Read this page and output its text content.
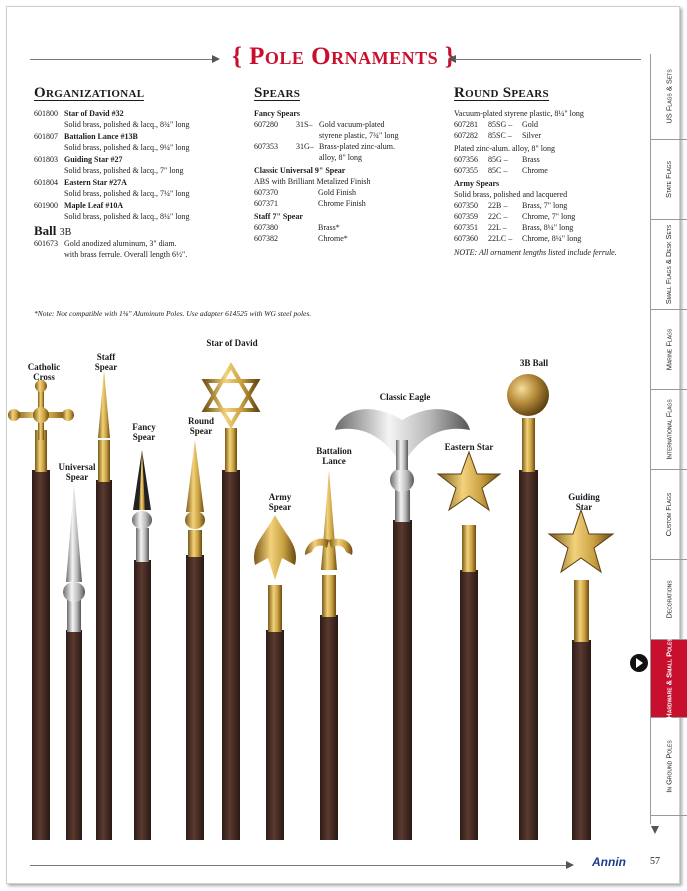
{ Pole Ornaments }
Organizational
601800 Star of David #32
Solid brass, polished & lacq., 8¾" long
601807 Battalion Lance #13B
Solid brass, polished & lacq., 9¼" long
601803 Guiding Star #27
Solid brass, polished & lacq., 7" long
601804 Eastern Star #27A
Solid brass, polished & lacq., 7¼" long
601900 Maple Leaf #10A
Solid brass, polished & lacq., 8¼" long
Ball 3B
601673 Gold anodized aluminum, 3" diam.
with brass ferrule. Overall length 6½".
Spears
Fancy Spears
607280	31S– Gold vacuum-plated
styrene plastic, 7¾" long
607353	31G– Brass-plated zinc-alum.
alloy, 8" long
Classic Universal 9" Spear
ABS with Brilliant Metalized Finish
607370	Gold Finish
607371	Chrome Finish
Staff 7" Spear
607380	Brass*
607382	Chrome*
Round Spears
Vacuum-plated styrene plastic, 8¼" long
607281	85SG –	Gold
607282	85SC –	Silver
Plated zinc-alum. alloy, 8" long
607356	85G –	Brass
607355	85C –	Chrome
Army Spears
Solid brass, polished and lacquered
607350	22B –	Brass, 7" long
607359	22C –	Chrome, 7" long
607351	22L –	Brass, 8¼" long
607360	22LC –	Chrome, 8¼" long
NOTE: All ornament lengths listed include ferrule.
*Note: Not compatible with 1⅛" Aluminum Poles. Use adapter 614525 with WG steel poles.
Catholic
Cross
Universal
Spear
Staff
Spear
Fancy
Spear
Round
Spear
Star of David
Army
Spear
Battalion
Lance
Classic Eagle
Eastern Star
3B Ball
Guiding
Star
US Flags & Sets
State Flags
Small Flags & Desk Sets
Marine Flags
International Flags
Custom Flags
Decorations
Hardware & Small Poles
In Ground Poles
Annin 57
